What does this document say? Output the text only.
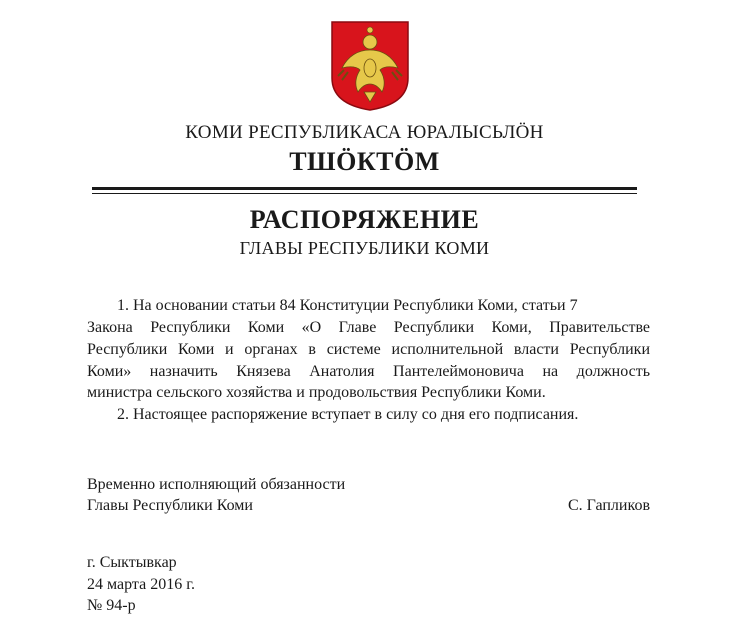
КОМИ РЕСПУБЛИКАСА ЮРАЛЫСЬЛӦН
ТШӦКТӦМ
РАСПОРЯЖЕНИЕ
ГЛАВЫ РЕСПУБЛИКИ КОМИ
1. На основании статьи 84 Конституции Республики Коми, статьи 7
Закона Республики Коми «О Главе Республики Коми, Правительстве
Республики Коми и органах в системе исполнительной власти Республики
Коми» назначить Князева Анатолия Пантелеймоновича на должность
министра сельского хозяйства и продовольствия Республики Коми.
2. Настоящее распоряжение вступает в силу со дня его подписания.
Временно исполняющий обязанности
Главы Республики Коми	С. Гапликов
г. Сыктывкар
24 марта 2016 г.
№ 94-р
